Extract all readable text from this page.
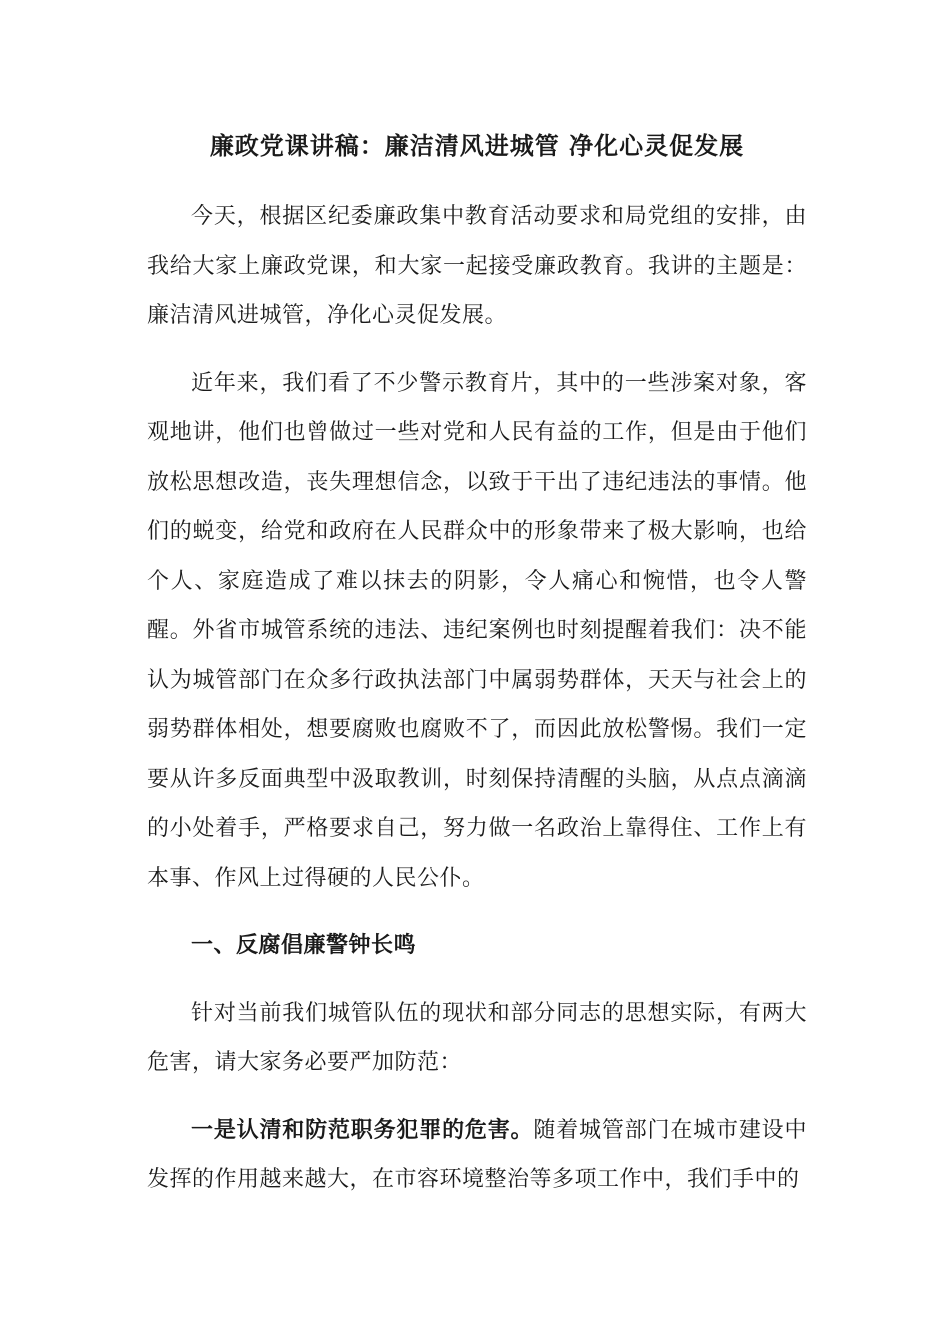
廉政党课讲稿：廉洁清风进城管 净化心灵促发展

今天，根据区纪委廉政集中教育活动要求和局党组的安排，由我给大家上廉政党课，和大家一起接受廉政教育。我讲的主题是：廉洁清风进城管，净化心灵促发展。

近年来，我们看了不少警示教育片，其中的一些涉案对象，客观地讲，他们也曾做过一些对党和人民有益的工作，但是由于他们放松思想改造，丧失理想信念，以致于干出了违纪违法的事情。他们的蜕变，给党和政府在人民群众中的形象带来了极大影响，也给个人、家庭造成了难以抹去的阴影，令人痛心和惋惜，也令人警醒。外省市城管系统的违法、违纪案例也时刻提醒着我们：决不能认为城管部门在众多行政执法部门中属弱势群体，天天与社会上的弱势群体相处，想要腐败也腐败不了，而因此放松警惕。我们一定要从许多反面典型中汲取教训，时刻保持清醒的头脑，从点点滴滴的小处着手，严格要求自己，努力做一名政治上靠得住、工作上有本事、作风上过得硬的人民公仆。

一、反腐倡廉警钟长鸣

针对当前我们城管队伍的现状和部分同志的思想实际，有两大危害，请大家务必要严加防范：

一是认清和防范职务犯罪的危害。随着城管部门在城市建设中发挥的作用越来越大，在市容环境整治等多项工作中，我们手中的
